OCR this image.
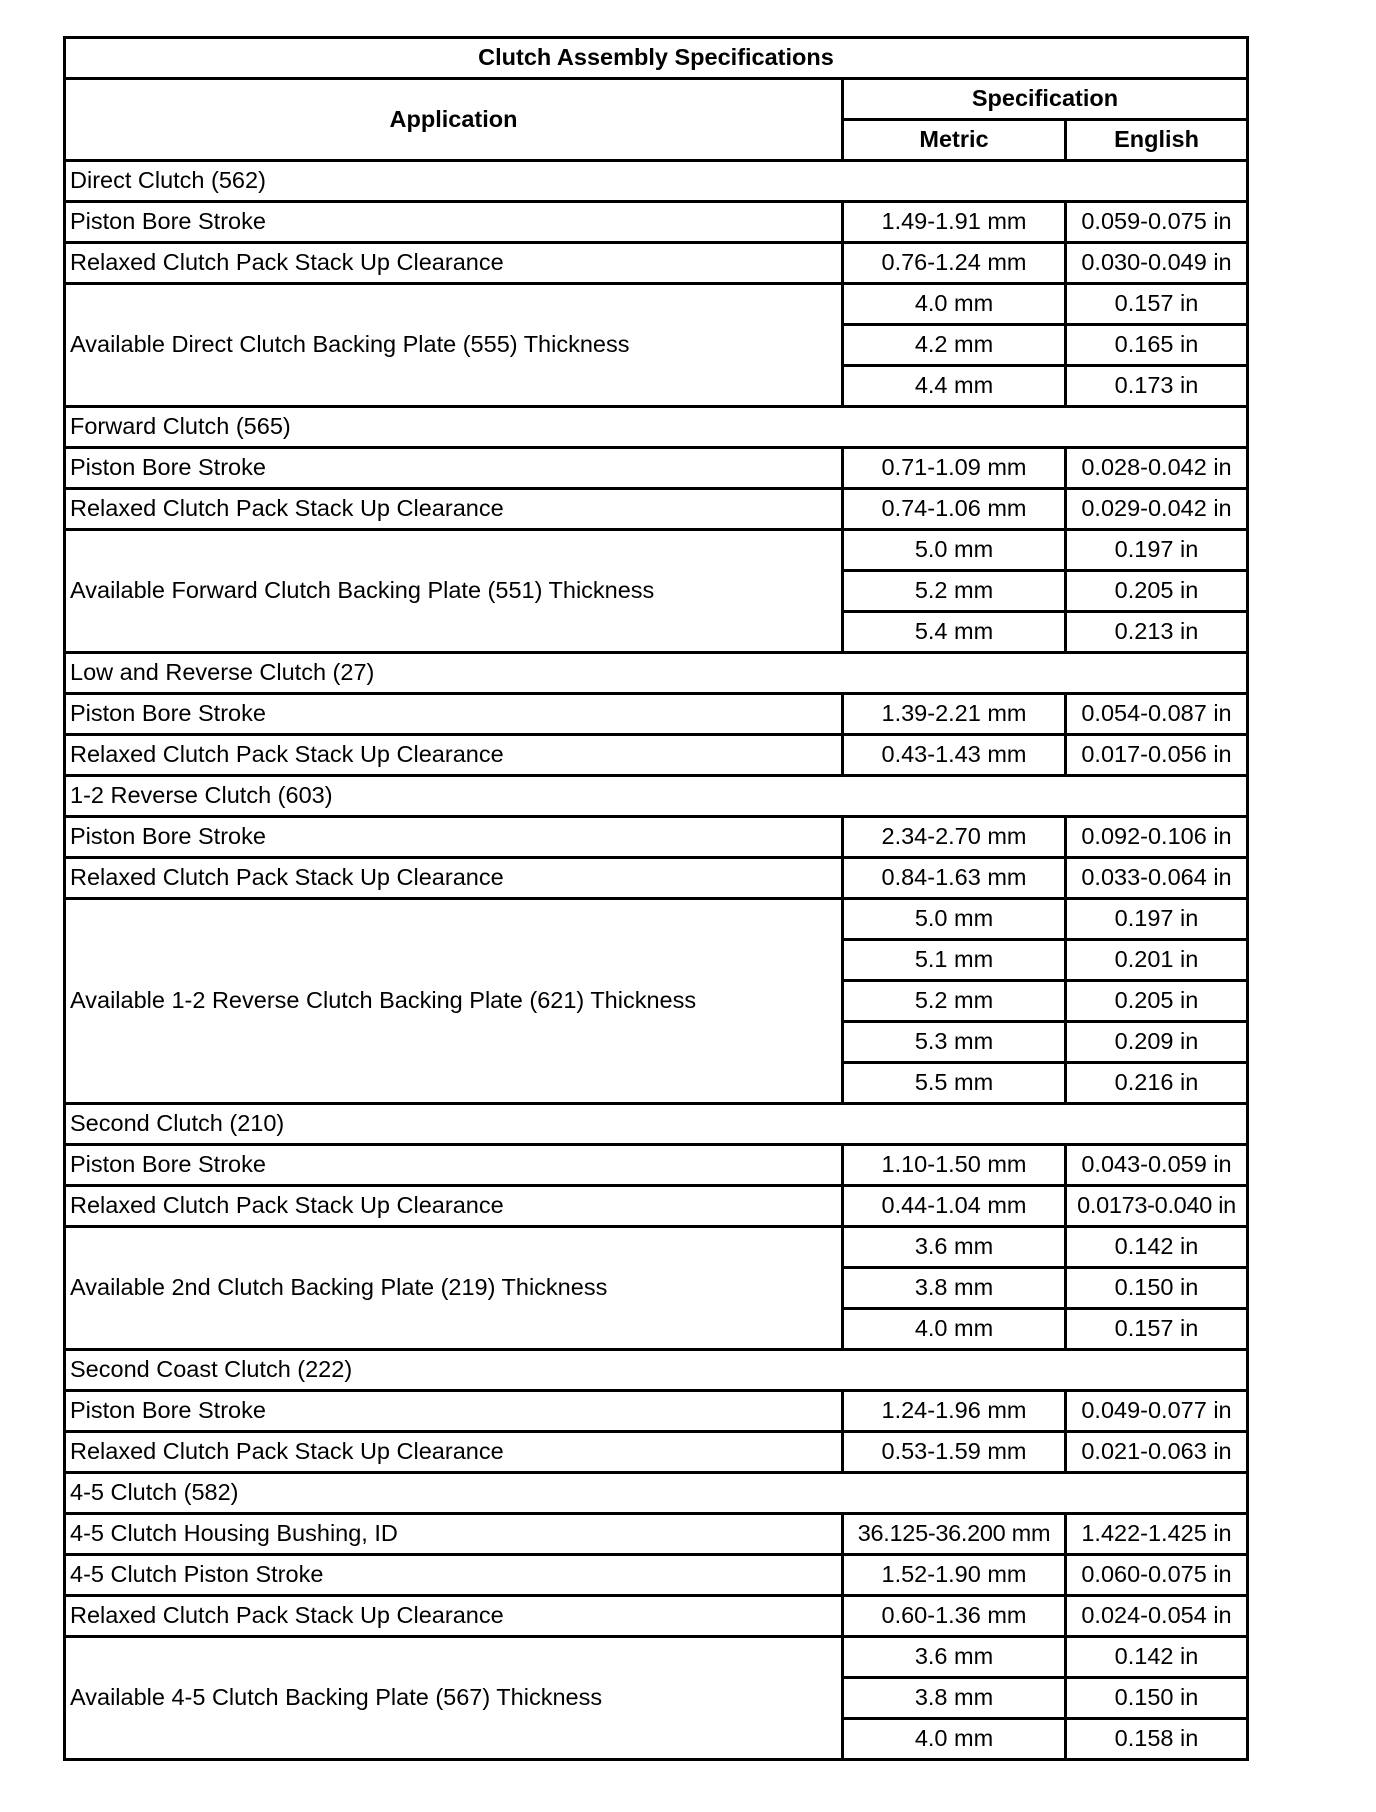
Clutch Assembly Specifications		
Application	Specification	
	Metric	English
Direct Clutch (562)		
Piston Bore Stroke	1.49-1.91 mm	0.059-0.075 in
Relaxed Clutch Pack Stack Up Clearance	0.76-1.24 mm	0.030-0.049 in
Available Direct Clutch Backing Plate (555) Thickness	4.0 mm	0.157 in
	4.2 mm	0.165 in
	4.4 mm	0.173 in
Forward Clutch (565)		
Piston Bore Stroke	0.71-1.09 mm	0.028-0.042 in
Relaxed Clutch Pack Stack Up Clearance	0.74-1.06 mm	0.029-0.042 in
Available Forward Clutch Backing Plate (551) Thickness	5.0 mm	0.197 in
	5.2 mm	0.205 in
	5.4 mm	0.213 in
Low and Reverse Clutch (27)		
Piston Bore Stroke	1.39-2.21 mm	0.054-0.087 in
Relaxed Clutch Pack Stack Up Clearance	0.43-1.43 mm	0.017-0.056 in
1-2 Reverse Clutch (603)		
Piston Bore Stroke	2.34-2.70 mm	0.092-0.106 in
Relaxed Clutch Pack Stack Up Clearance	0.84-1.63 mm	0.033-0.064 in
Available 1-2 Reverse Clutch Backing Plate (621) Thickness	5.0 mm	0.197 in
	5.1 mm	0.201 in
	5.2 mm	0.205 in
	5.3 mm	0.209 in
	5.5 mm	0.216 in
Second Clutch (210)		
Piston Bore Stroke	1.10-1.50 mm	0.043-0.059 in
Relaxed Clutch Pack Stack Up Clearance	0.44-1.04 mm	0.0173-0.040 in
Available 2nd Clutch Backing Plate (219) Thickness	3.6 mm	0.142 in
	3.8 mm	0.150 in
	4.0 mm	0.157 in
Second Coast Clutch (222)		
Piston Bore Stroke	1.24-1.96 mm	0.049-0.077 in
Relaxed Clutch Pack Stack Up Clearance	0.53-1.59 mm	0.021-0.063 in
4-5 Clutch (582)		
4-5 Clutch Housing Bushing, ID	36.125-36.200 mm	1.422-1.425 in
4-5 Clutch Piston Stroke	1.52-1.90 mm	0.060-0.075 in
Relaxed Clutch Pack Stack Up Clearance	0.60-1.36 mm	0.024-0.054 in
Available 4-5 Clutch Backing Plate (567) Thickness	3.6 mm	0.142 in
	3.8 mm	0.150 in
	4.0 mm	0.158 in
